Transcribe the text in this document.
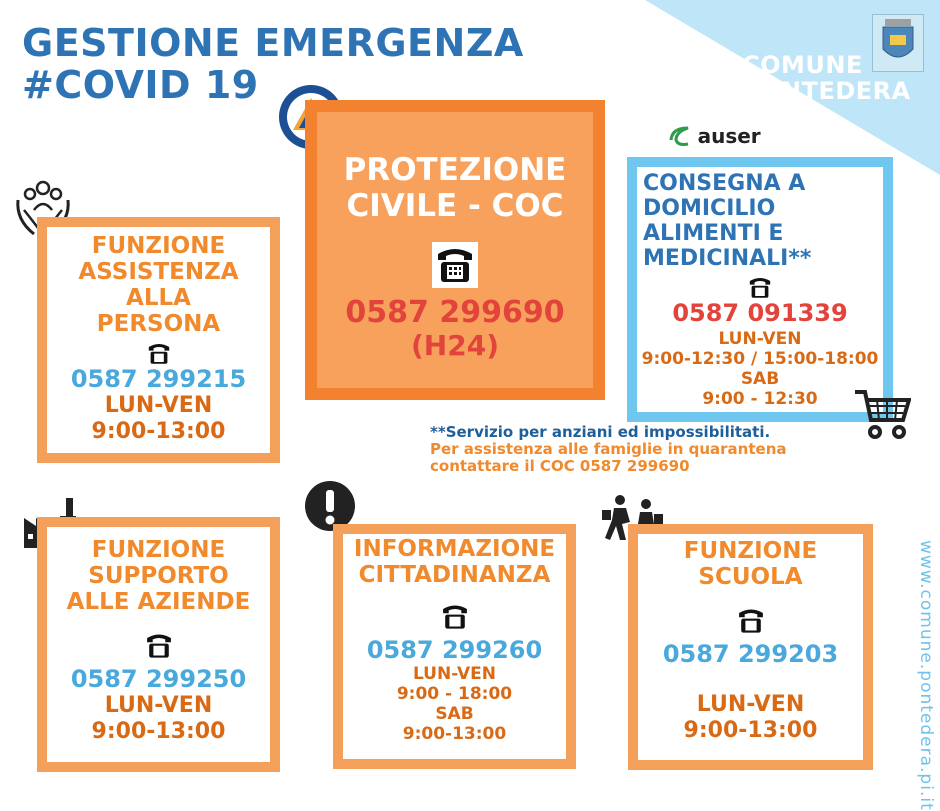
GESTIONE EMERGENZA
#COVID 19	COMUNE
PONTEDERA
PROTEZIONE
CIVILE - COC
0587 299690
(H24)
auser
CONSEGNA A
DOMICILIO
ALIMENTI E
MEDICINALI**
0587 091339
LUN-VEN
9:00-12:30 / 15:00-18:00
SAB
9:00 - 12:30
FUNZIONE
ASSISTENZA
ALLA
PERSONA
0587 299215
LUN-VEN
9:00-13:00	**Servizio per anziani ed impossibilitati.
Per assistenza alle famiglie in quarantena
contattare il COC 0587 299690
FUNZIONE
SUPPORTO
ALLE AZIENDE
0587 299250
LUN-VEN
9:00-13:00
INFORMAZIONE
CITTADINANZA
0587 299260
LUN-VEN
9:00 - 18:00
SAB
9:00-13:00
FUNZIONE
SCUOLA
0587 299203
LUN-VEN
9:00-13:00	www.comune.pontedera.pi.it
